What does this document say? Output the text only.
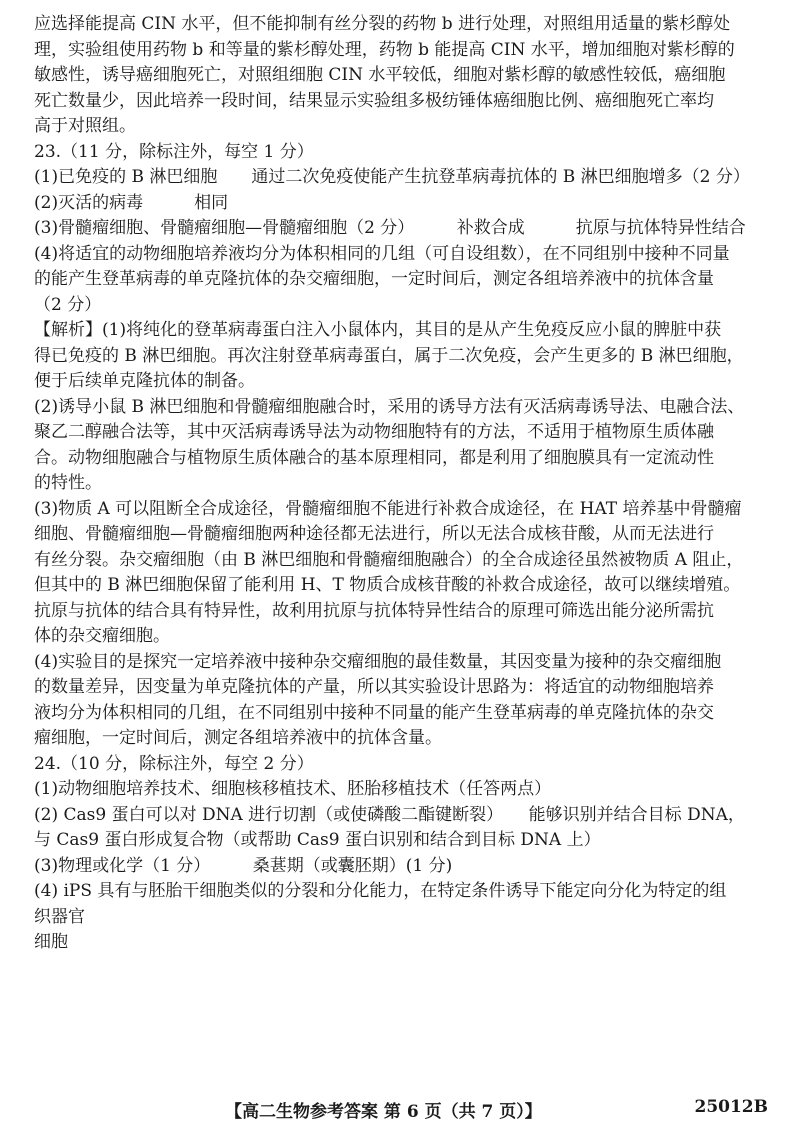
应选择能提高 CIN 水平，但不能抑制有丝分裂的药物 b 进行处理，对照组用适量的紫杉醇处
理，实验组使用药物 b 和等量的紫杉醇处理，药物 b 能提高 CIN 水平，增加细胞对紫杉醇的
敏感性，诱导癌细胞死亡，对照组细胞 CIN 水平较低，细胞对紫杉醇的敏感性较低，癌细胞
死亡数量少，因此培养一段时间，结果显示实验组多极纺锤体癌细胞比例、癌细胞死亡率均
高于对照组。
23.（11 分，除标注外，每空 1 分）
(1)已免疫的 B 淋巴细胞　　通过二次免疫使能产生抗登革病毒抗体的 B 淋巴细胞增多（2 分）
(2)灭活的病毒　　　相同
(3)骨髓瘤细胞、骨髓瘤细胞—骨髓瘤细胞（2 分）　　　补救合成　　　抗原与抗体特异性结合
(4)将适宜的动物细胞培养液均分为体积相同的几组（可自设组数），在不同组别中接种不同量
的能产生登革病毒的单克隆抗体的杂交瘤细胞，一定时间后，测定各组培养液中的抗体含量
（2 分）
【解析】(1)将纯化的登革病毒蛋白注入小鼠体内，其目的是从产生免疫反应小鼠的脾脏中获
得已免疫的 B 淋巴细胞。再次注射登革病毒蛋白，属于二次免疫，会产生更多的 B 淋巴细胞，
便于后续单克隆抗体的制备。
(2)诱导小鼠 B 淋巴细胞和骨髓瘤细胞融合时，采用的诱导方法有灭活病毒诱导法、电融合法、
聚乙二醇融合法等，其中灭活病毒诱导法为动物细胞特有的方法，不适用于植物原生质体融
合。动物细胞融合与植物原生质体融合的基本原理相同，都是利用了细胞膜具有一定流动性
的特性。
(3)物质 A 可以阻断全合成途径，骨髓瘤细胞不能进行补救合成途径，在 HAT 培养基中骨髓瘤
细胞、骨髓瘤细胞—骨髓瘤细胞两种途径都无法进行，所以无法合成核苷酸，从而无法进行
有丝分裂。杂交瘤细胞（由 B 淋巴细胞和骨髓瘤细胞融合）的全合成途径虽然被物质 A 阻止，
但其中的 B 淋巴细胞保留了能利用 H、T 物质合成核苷酸的补救合成途径，故可以继续增殖。
抗原与抗体的结合具有特异性，故利用抗原与抗体特异性结合的原理可筛选出能分泌所需抗
体的杂交瘤细胞。
(4)实验目的是探究一定培养液中接种杂交瘤细胞的最佳数量，其因变量为接种的杂交瘤细胞
的数量差异，因变量为单克隆抗体的产量，所以其实验设计思路为：将适宜的动物细胞培养
液均分为体积相同的几组，在不同组别中接种不同量的能产生登革病毒的单克隆抗体的杂交
瘤细胞，一定时间后，测定各组培养液中的抗体含量。
24.（10 分，除标注外，每空 2 分）
(1)动物细胞培养技术、细胞核移植技术、胚胎移植技术（任答两点）
(2) Cas9 蛋白可以对 DNA 进行切割（或使磷酸二酯键断裂）　　能够识别并结合目标 DNA，
与 Cas9 蛋白形成复合物（或帮助 Cas9 蛋白识别和结合到目标 DNA 上）
(3)物理或化学（1 分）　　　桑葚期（或囊胚期）(1 分)
(4) iPS 具有与胚胎干细胞类似的分裂和分化能力，在特定条件诱导下能定向分化为特定的组
织器官
细胞
【高二生物参考答案 第 6 页（共 7 页）】	25012B
